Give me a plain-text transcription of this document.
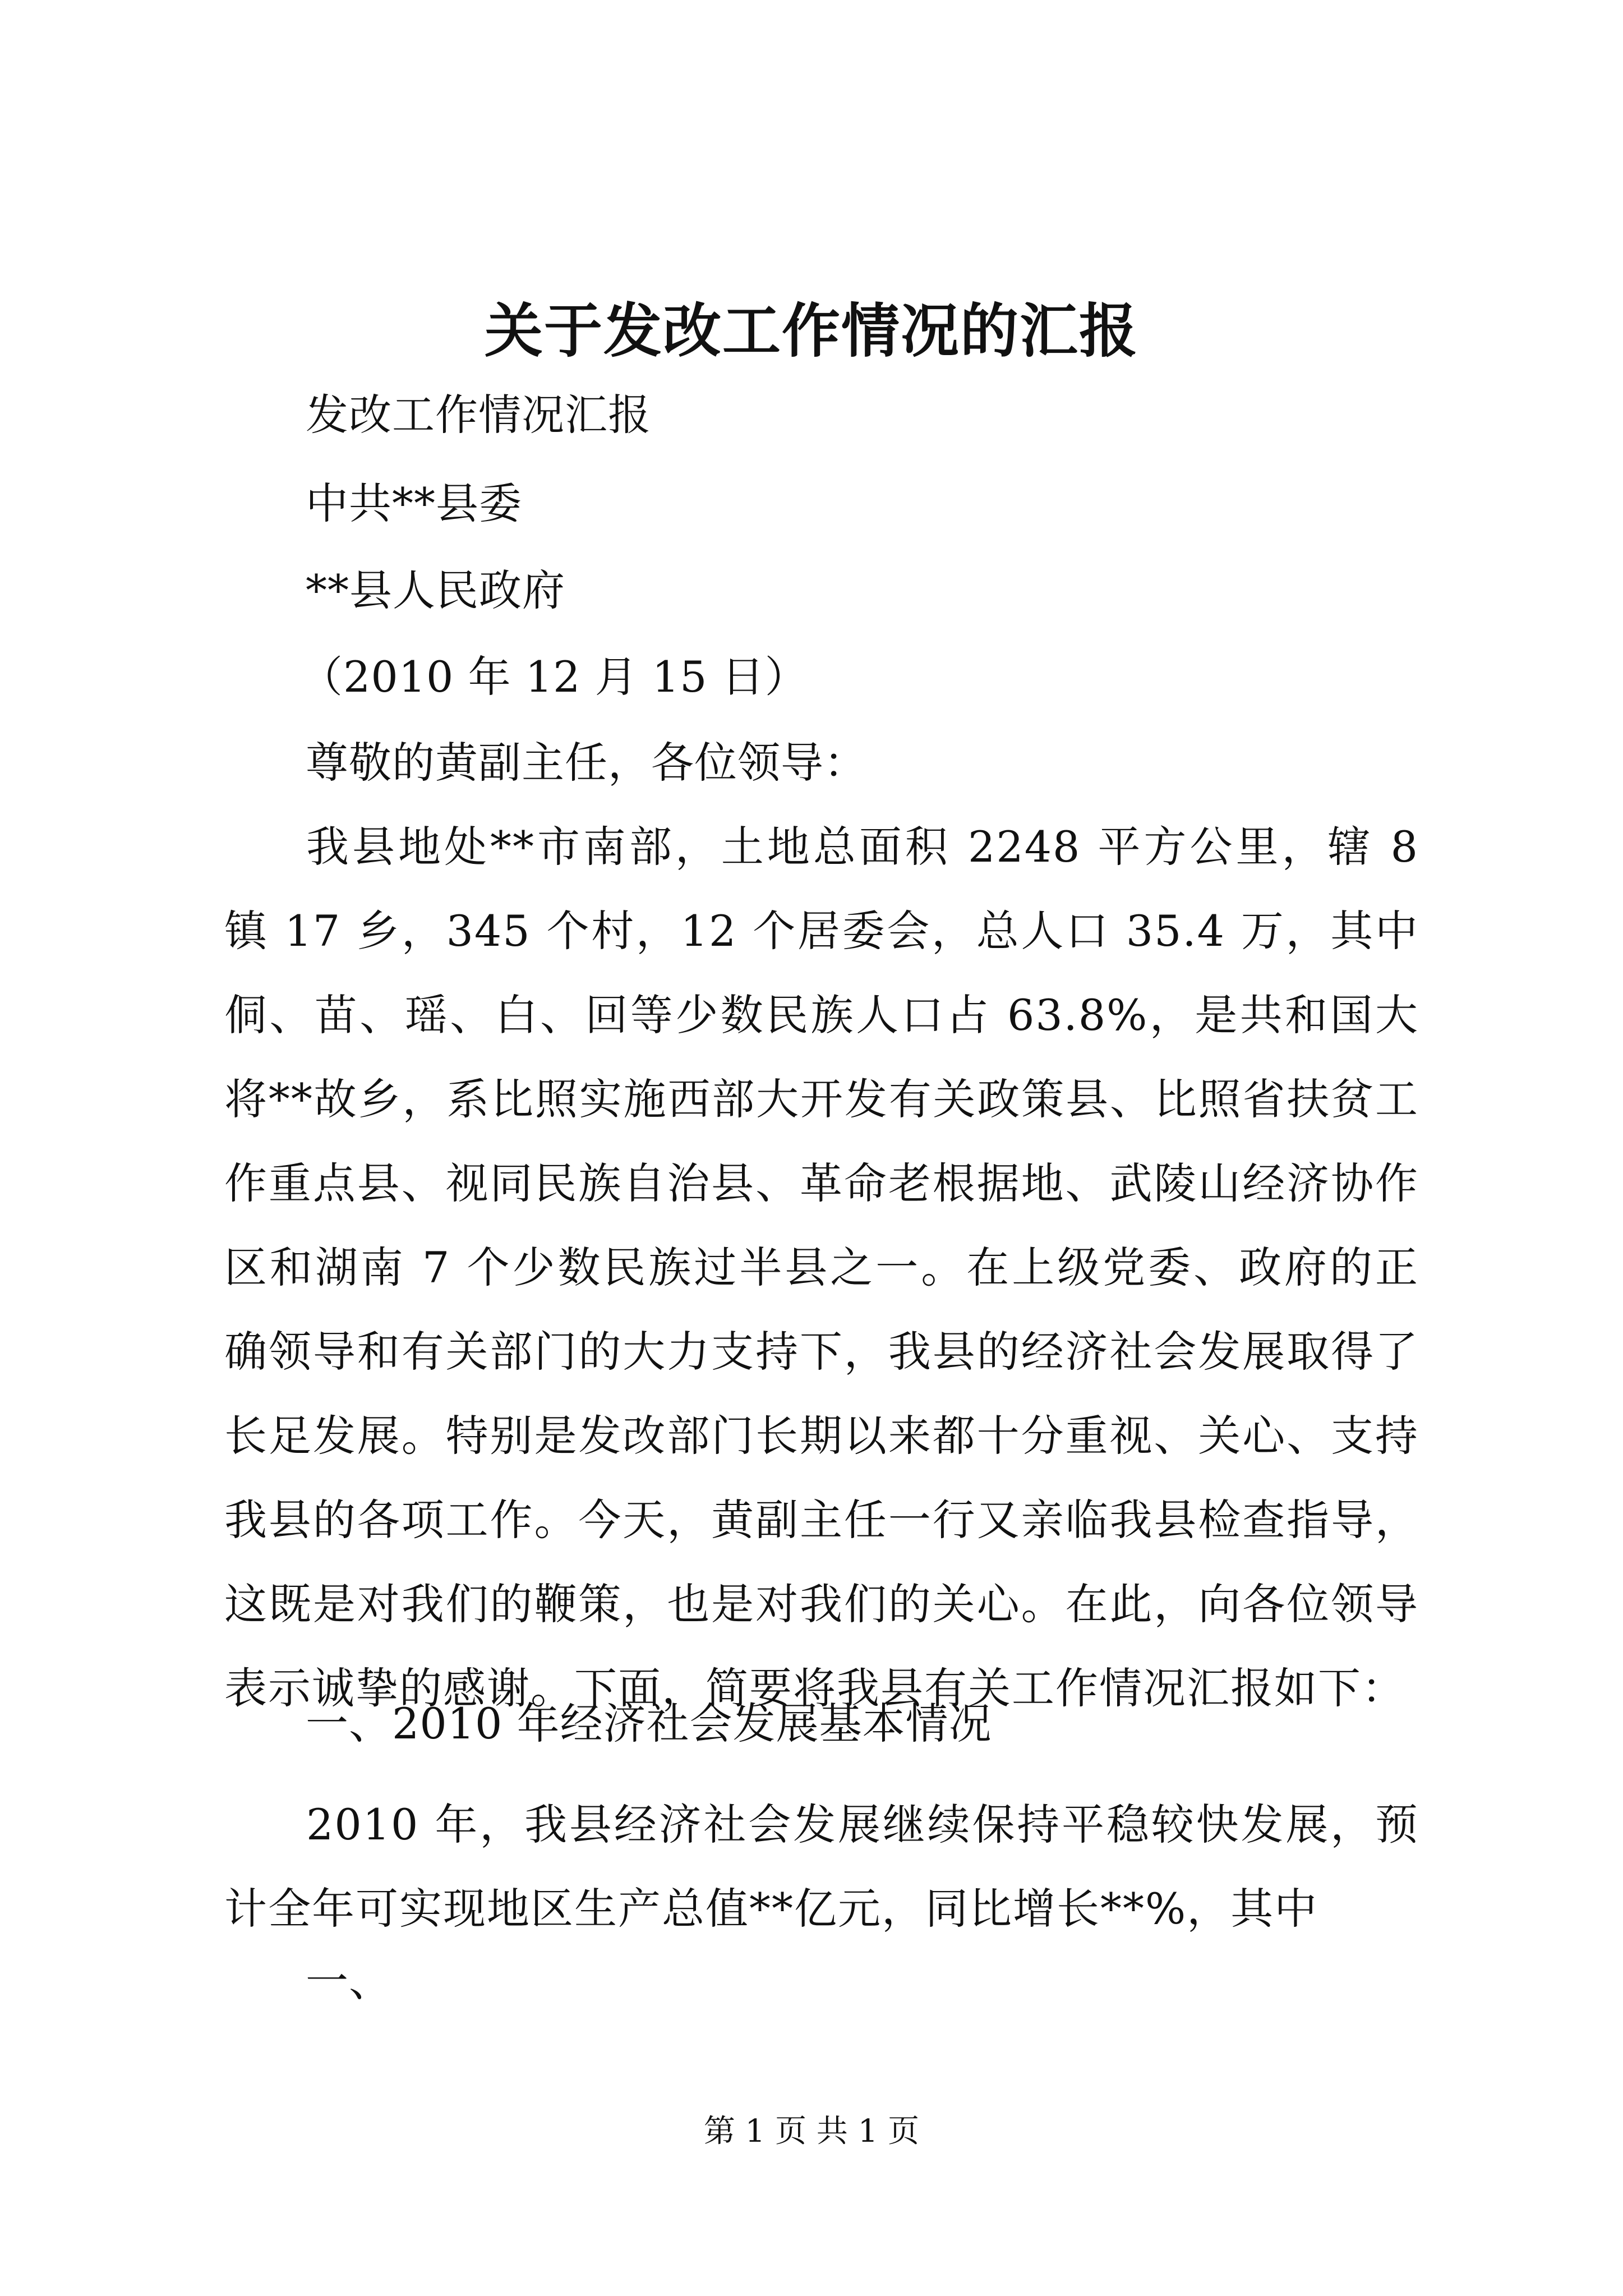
关于发改工作情况的汇报
发改工作情况汇报
中共**县委
**县人民政府
（2010 年 12 月 15 日）
尊敬的黄副主任，各位领导：
我县地处**市南部，土地总面积 2248 平方公里，辖 8 镇 17 乡，345 个村，12 个居委会，总人口 35.4 万，其中侗、苗、瑶、白、回等少数民族人口占 63.8%，是共和国大将**故乡，系比照实施西部大开发有关政策县、比照省扶贫工作重点县、视同民族自治县、革命老根据地、武陵山经济协作区和湖南 7 个少数民族过半县之一。在上级党委、政府的正确领导和有关部门的大力支持下，我县的经济社会发展取得了长足发展。特别是发改部门长期以来都十分重视、关心、支持我县的各项工作。今天，黄副主任一行又亲临我县检查指导，这既是对我们的鞭策，也是对我们的关心。在此，向各位领导表示诚挚的感谢。下面，简要将我县有关工作情况汇报如下：
一、2010 年经济社会发展基本情况
2010 年，我县经济社会发展继续保持平稳较快发展，预计全年可实现地区生产总值**亿元，同比增长**%，其中
一、
第 1 页 共 1 页
